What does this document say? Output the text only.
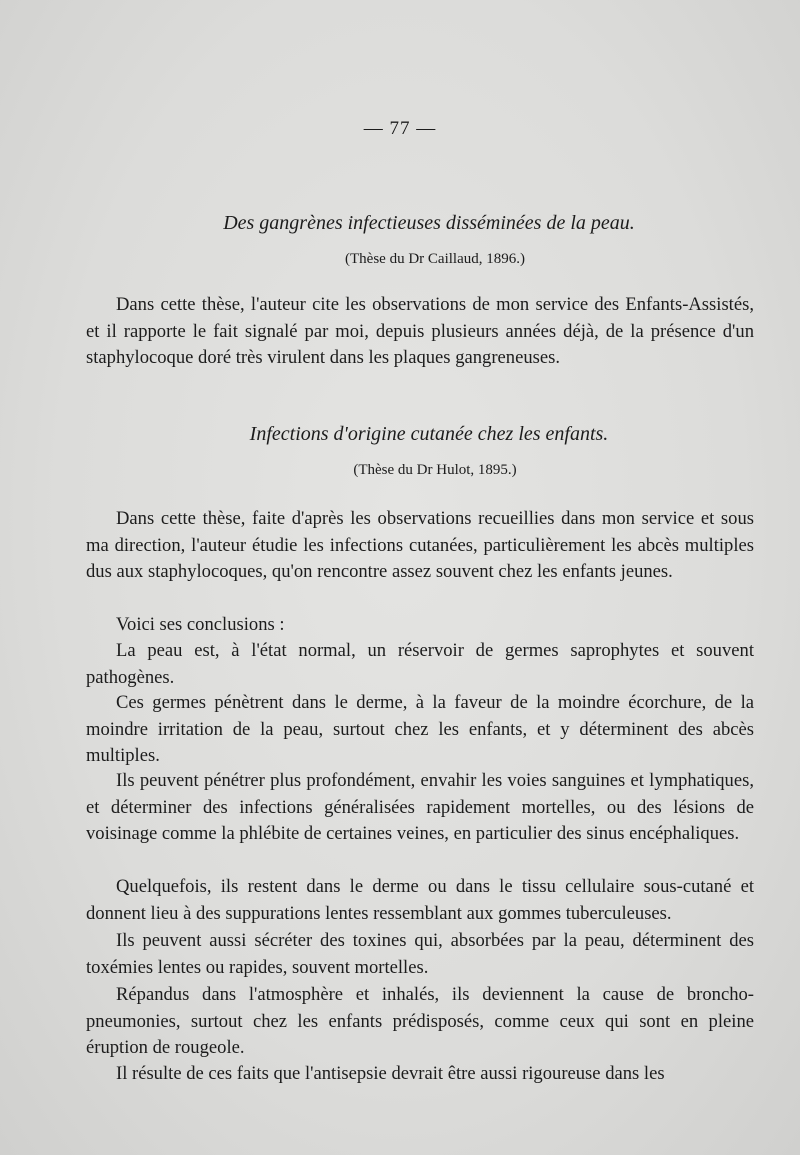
— 77 —
Des gangrènes infectieuses disséminées de la peau.

(Thèse du Dr Caillaud, 1896.)

Dans cette thèse, l'auteur cite les observations de mon service des Enfants-Assistés, et il rapporte le fait signalé par moi, depuis plusieurs années déjà, de la présence d'un staphylocoque doré très virulent dans les plaques gangreneuses.

Infections d'origine cutanée chez les enfants.

(Thèse du Dr Hulot, 1895.)

Dans cette thèse, faite d'après les observations recueillies dans mon service et sous ma direction, l'auteur étudie les infections cutanées, particulièrement les abcès multiples dus aux staphylocoques, qu'on rencontre assez souvent chez les enfants jeunes.

Voici ses conclusions :

La peau est, à l'état normal, un réservoir de germes saprophytes et souvent pathogènes.

Ces germes pénètrent dans le derme, à la faveur de la moindre écorchure, de la moindre irritation de la peau, surtout chez les enfants, et y déterminent des abcès multiples.

Ils peuvent pénétrer plus profondément, envahir les voies sanguines et lymphatiques, et déterminer des infections généralisées rapidement mortelles, ou des lésions de voisinage comme la phlébite de certaines veines, en particulier des sinus encéphaliques.

Quelquefois, ils restent dans le derme ou dans le tissu cellulaire sous-cutané et donnent lieu à des suppurations lentes ressemblant aux gommes tuberculeuses.

Ils peuvent aussi sécréter des toxines qui, absorbées par la peau, déterminent des toxémies lentes ou rapides, souvent mortelles.

Répandus dans l'atmosphère et inhalés, ils deviennent la cause de broncho-pneumonies, surtout chez les enfants prédisposés, comme ceux qui sont en pleine éruption de rougeole.

Il résulte de ces faits que l'antisepsie devrait être aussi rigoureuse dans les
